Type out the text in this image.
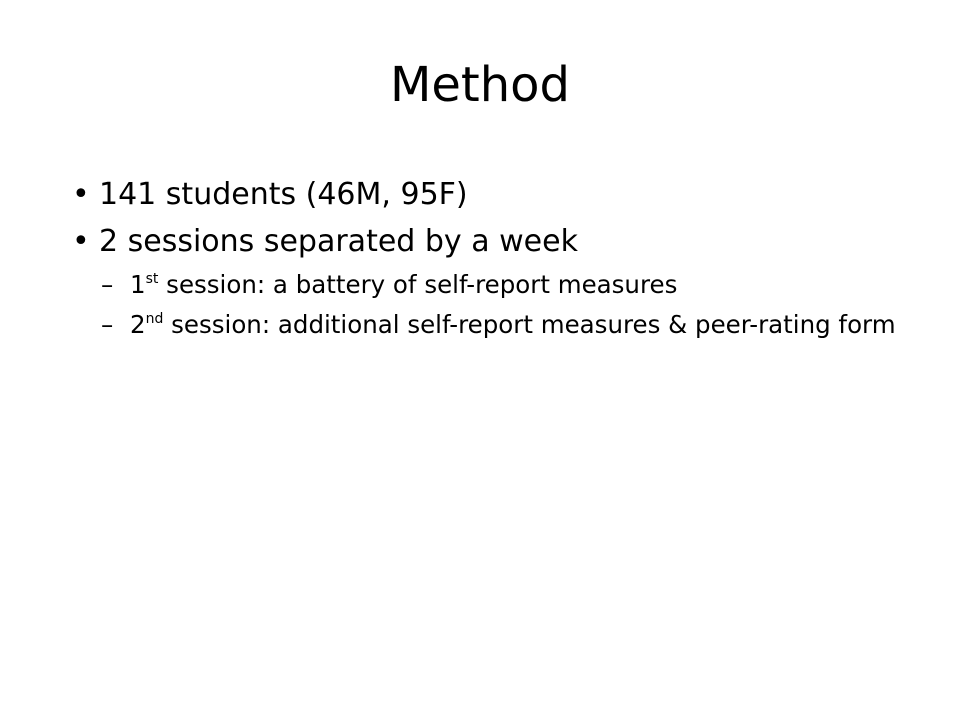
Method
• 141 students (46M, 95F)
• 2 sessions separated by a week
– 1st session: a battery of self-report measures
– 2nd session: additional self-report measures & peer-rating form
